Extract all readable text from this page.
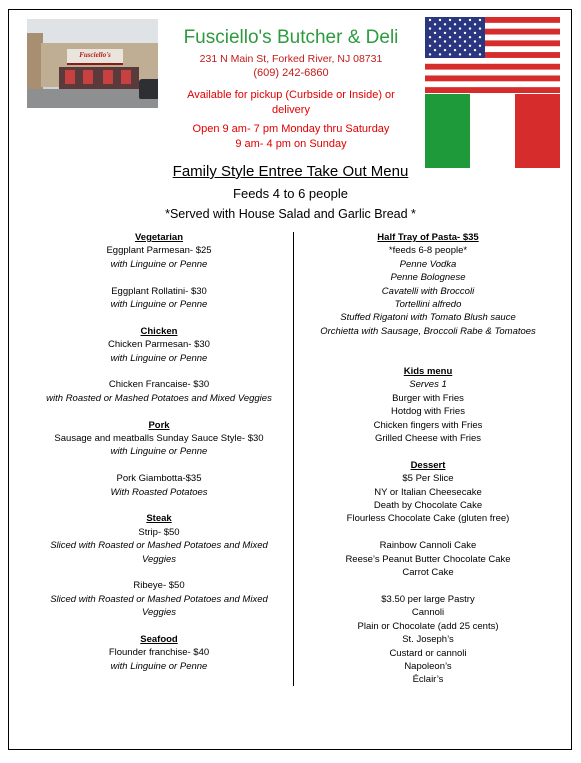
Fusciello's
Fusciello's Butcher & Deli
231 N Main St, Forked River, NJ 08731
(609) 242-6860
Available for pickup (Curbside or Inside) or
delivery
Open 9 am- 7 pm Monday thru Saturday
9 am- 4 pm on Sunday
Family Style Entree Take Out Menu
Feeds 4 to 6 people
*Served with House Salad and Garlic Bread *
Vegetarian
Eggplant Parmesan- $25
with Linguine or Penne
Eggplant Rollatini- $30
with Linguine or Penne
Chicken
Chicken Parmesan- $30
with Linguine or Penne
Chicken Francaise- $30
with Roasted or Mashed Potatoes and Mixed Veggies
Pork
Sausage and meatballs Sunday Sauce Style- $30
with Linguine or Penne
Pork Giambotta-$35
With Roasted Potatoes
Steak
Strip- $50
Sliced with Roasted or Mashed Potatoes and Mixed
Veggies
Ribeye- $50
Sliced with Roasted or Mashed Potatoes and Mixed
Veggies
Seafood
Flounder franchise- $40
with Linguine or Penne
Half Tray of Pasta- $35
*feeds 6-8 people*
Penne Vodka
Penne Bolognese
Cavatelli with Broccoli
Tortellini alfredo
Stuffed Rigatoni with Tomato Blush sauce
Orchietta with Sausage, Broccoli Rabe & Tomatoes
Kids menu
Serves 1
Burger with Fries
Hotdog with Fries
Chicken fingers with Fries
Grilled Cheese with Fries
Dessert
$5 Per Slice
NY or Italian Cheesecake
Death by Chocolate Cake
Flourless Chocolate Cake (gluten free)
Rainbow Cannoli Cake
Reese’s Peanut Butter Chocolate Cake
Carrot Cake
$3.50 per large Pastry
Cannoli
Plain or Chocolate (add 25 cents)
St. Joseph’s
Custard or cannoli
Napoleon’s
Éclair’s
